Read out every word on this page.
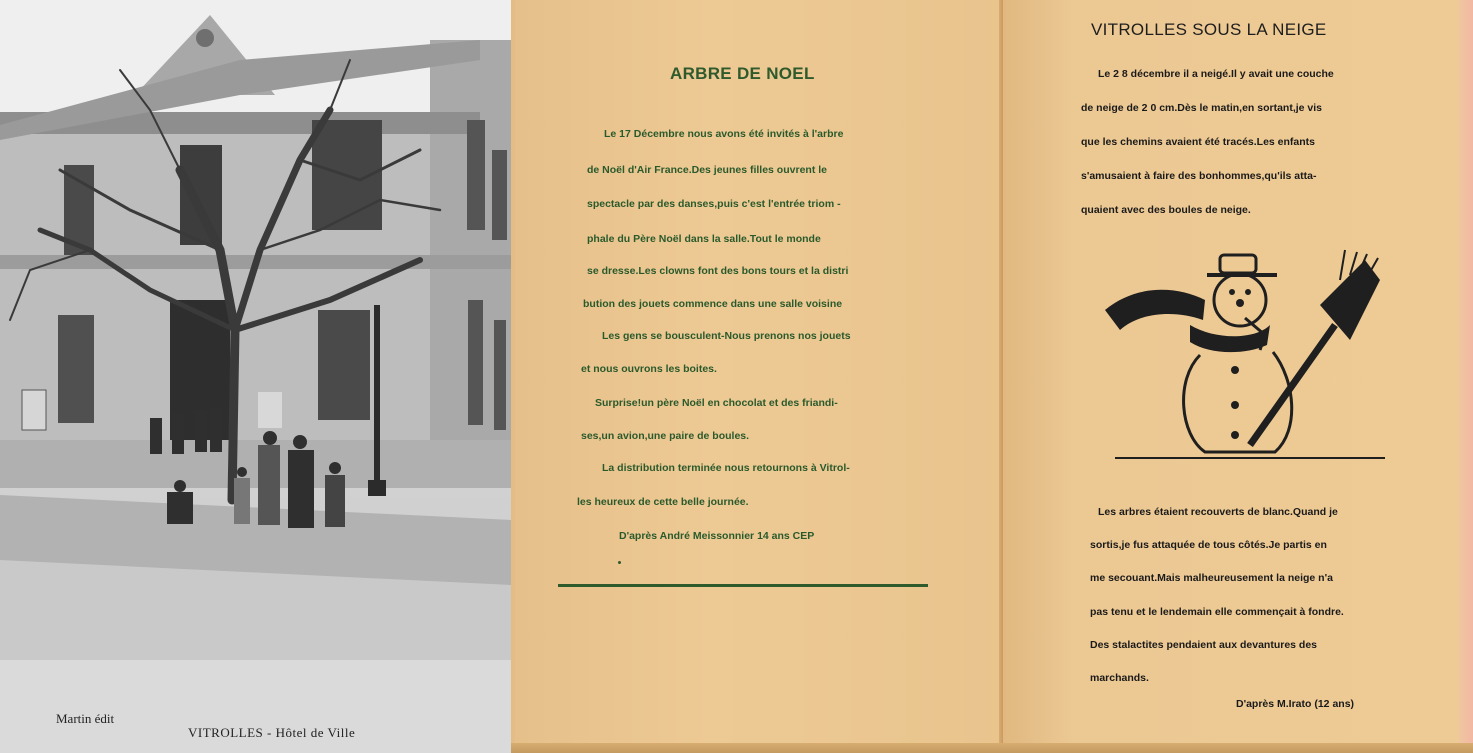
Martin édit
VITROLLES - Hôtel de Ville

ARBRE DE NOEL
Le 17 Décembre nous avons été invités à l'arbre
de Noël d'Air France.Des jeunes filles ouvrent le
spectacle par des danses,puis c'est l'entrée triom -
phale du Père Noël dans la salle.Tout le monde
se dresse.Les clowns font des bons tours et la distri
bution des jouets commence dans une salle voisine
Les gens se bousculent-Nous prenons nos jouets
et nous ouvrons les boites.
Surprise!un père Noël en chocolat et des friandi-
ses,un avion,une paire de boules.
La distribution terminée nous retournons à Vitrol-
les heureux de cette belle journée.
D'après André Meissonnier 14 ans CEP
VITROLLES SOUS LA NEIGE
Le 2 8 décembre il a neigé.Il y avait une couche
de neige de 2 0 cm.Dès le matin,en sortant,je vis
que les chemins avaient été tracés.Les enfants
s'amusaient à faire des bonhommes,qu'ils atta-
quaient avec des boules de neige.
Les arbres étaient recouverts de blanc.Quand je
sortis,je fus attaquée de tous côtés.Je partis en
me secouant.Mais malheureusement la neige n'a
pas tenu et le lendemain elle commençait à fondre.
Des stalactites pendaient aux devantures des
marchands.
D'après M.Irato (12 ans)
